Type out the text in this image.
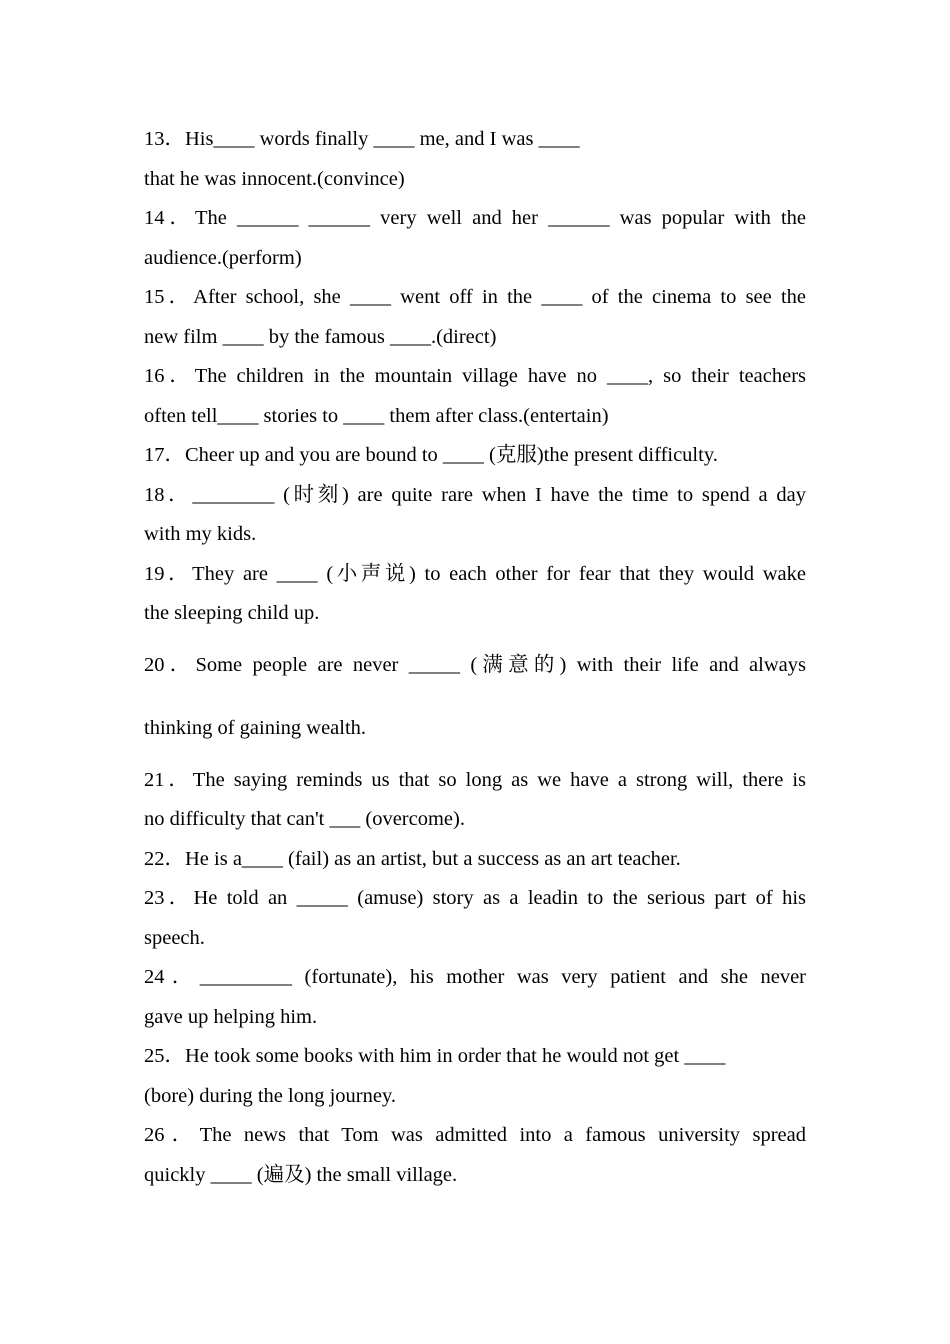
13．His____ words finally ____ me, and I was ____
that he was innocent.(convince)

14．The ______ ______ very well and her ______ was popular with the
audience.(perform)

15．After school, she ____ went off in the ____ of the cinema to see the
new film ____ by the famous ____.(direct)

16．The children in the mountain village have no ____, so their teachers
often tell____ stories to ____ them after class.(entertain)

17．Cheer up and you are bound to ____ (克服)the present difficulty.

18．________ (时刻) are quite rare when I have the time to spend a day
with my kids.

19．They are ____ (小声说) to each other for fear that they would wake
the sleeping child up.

20．Some people are never _____ (满意的) with their life and always
thinking of gaining wealth.

21．The saying reminds us that so long as we have a strong will, there is
no difficulty that can't ___ (overcome).

22．He is a____ (fail) as an artist, but a success as an art teacher.

23．He told an _____ (amuse) story as a leadin to the serious part of his
speech.

24．_________ (fortunate), his mother was very patient and she never
gave up helping him.

25．He took some books with him in order that he would not get ____
(bore) during the long journey.

26．The news that Tom was admitted into a famous university spread
quickly ____ (遍及) the small village.
